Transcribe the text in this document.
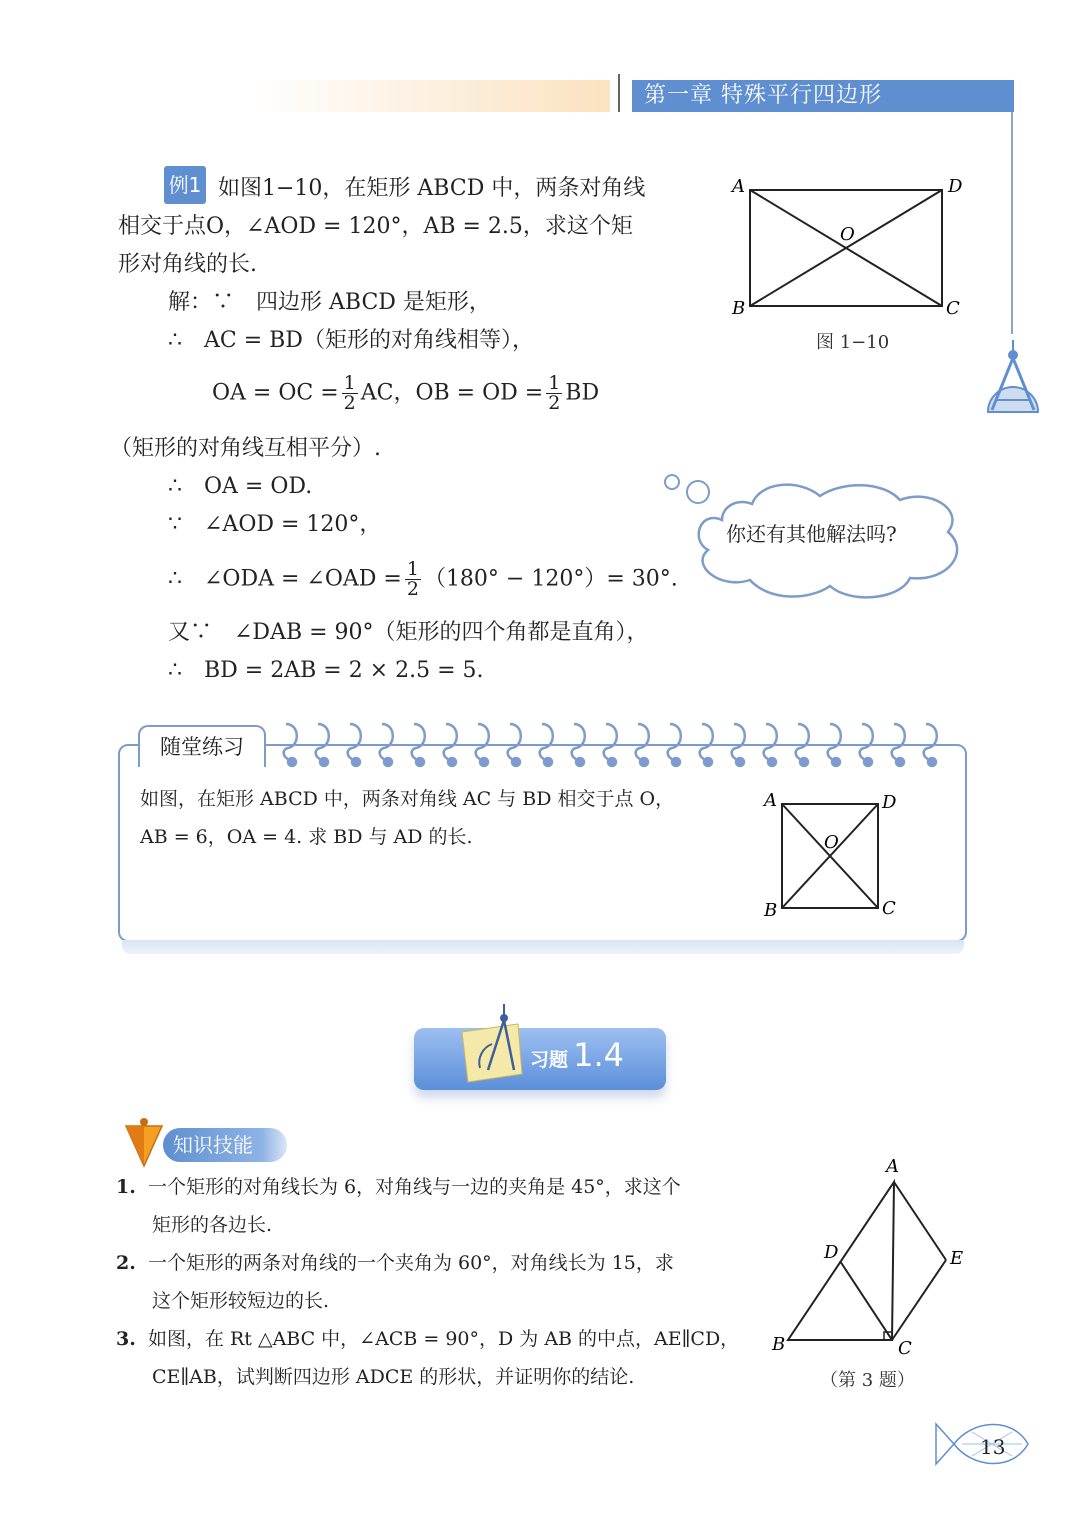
第一章 特殊平行四边形
例1 如图1−10，在矩形 ABCD 中，两条对角线
相交于点O，∠AOD = 120°，AB = 2.5，求这个矩
形对角线的长.
解：∵　四边形 ABCD 是矩形，
∴　AC = BD（矩形的对角线相等），
OA = OC = $\frac{1}{2}$ AC，OB = OD = $\frac{1}{2}$ BD
（矩形的对角线互相平分）.
∴　OA = OD.
∵　∠AOD = 120°，
∴　∠ODA = ∠OAD = $\frac{1}{2} (180^\circ - 120^\circ)= 30^\circ$.
又∵　∠DAB = 90°（矩形的四个角都是直角），
∴　BD = 2AB = 2 × 2.5 = 5.
A	D
B	C
O
图 1−10
你还有其他解法吗?
随堂练习
如图，在矩形 ABCD 中，两条对角线 AC 与 BD 相交于点 O，
AB = 6，OA = 4. 求 BD 与 AD 的长.
A	D
B	C
O
习题 1.4
知识技能
1. 一个矩形的对角线长为 6，对角线与一边的夹角是 45°，求这个
矩形的各边长.
2. 一个矩形的两条对角线的一个夹角为 60°，对角线长为 15，求
这个矩形较短边的长.
3. 如图，在 Rt △ABC 中，∠ACB = 90°，D 为 AB 的中点，AE∥CD，
CE∥AB，试判断四边形 ADCE 的形状，并证明你的结论.
A
D	E
B	C
（第 3 题）
13
